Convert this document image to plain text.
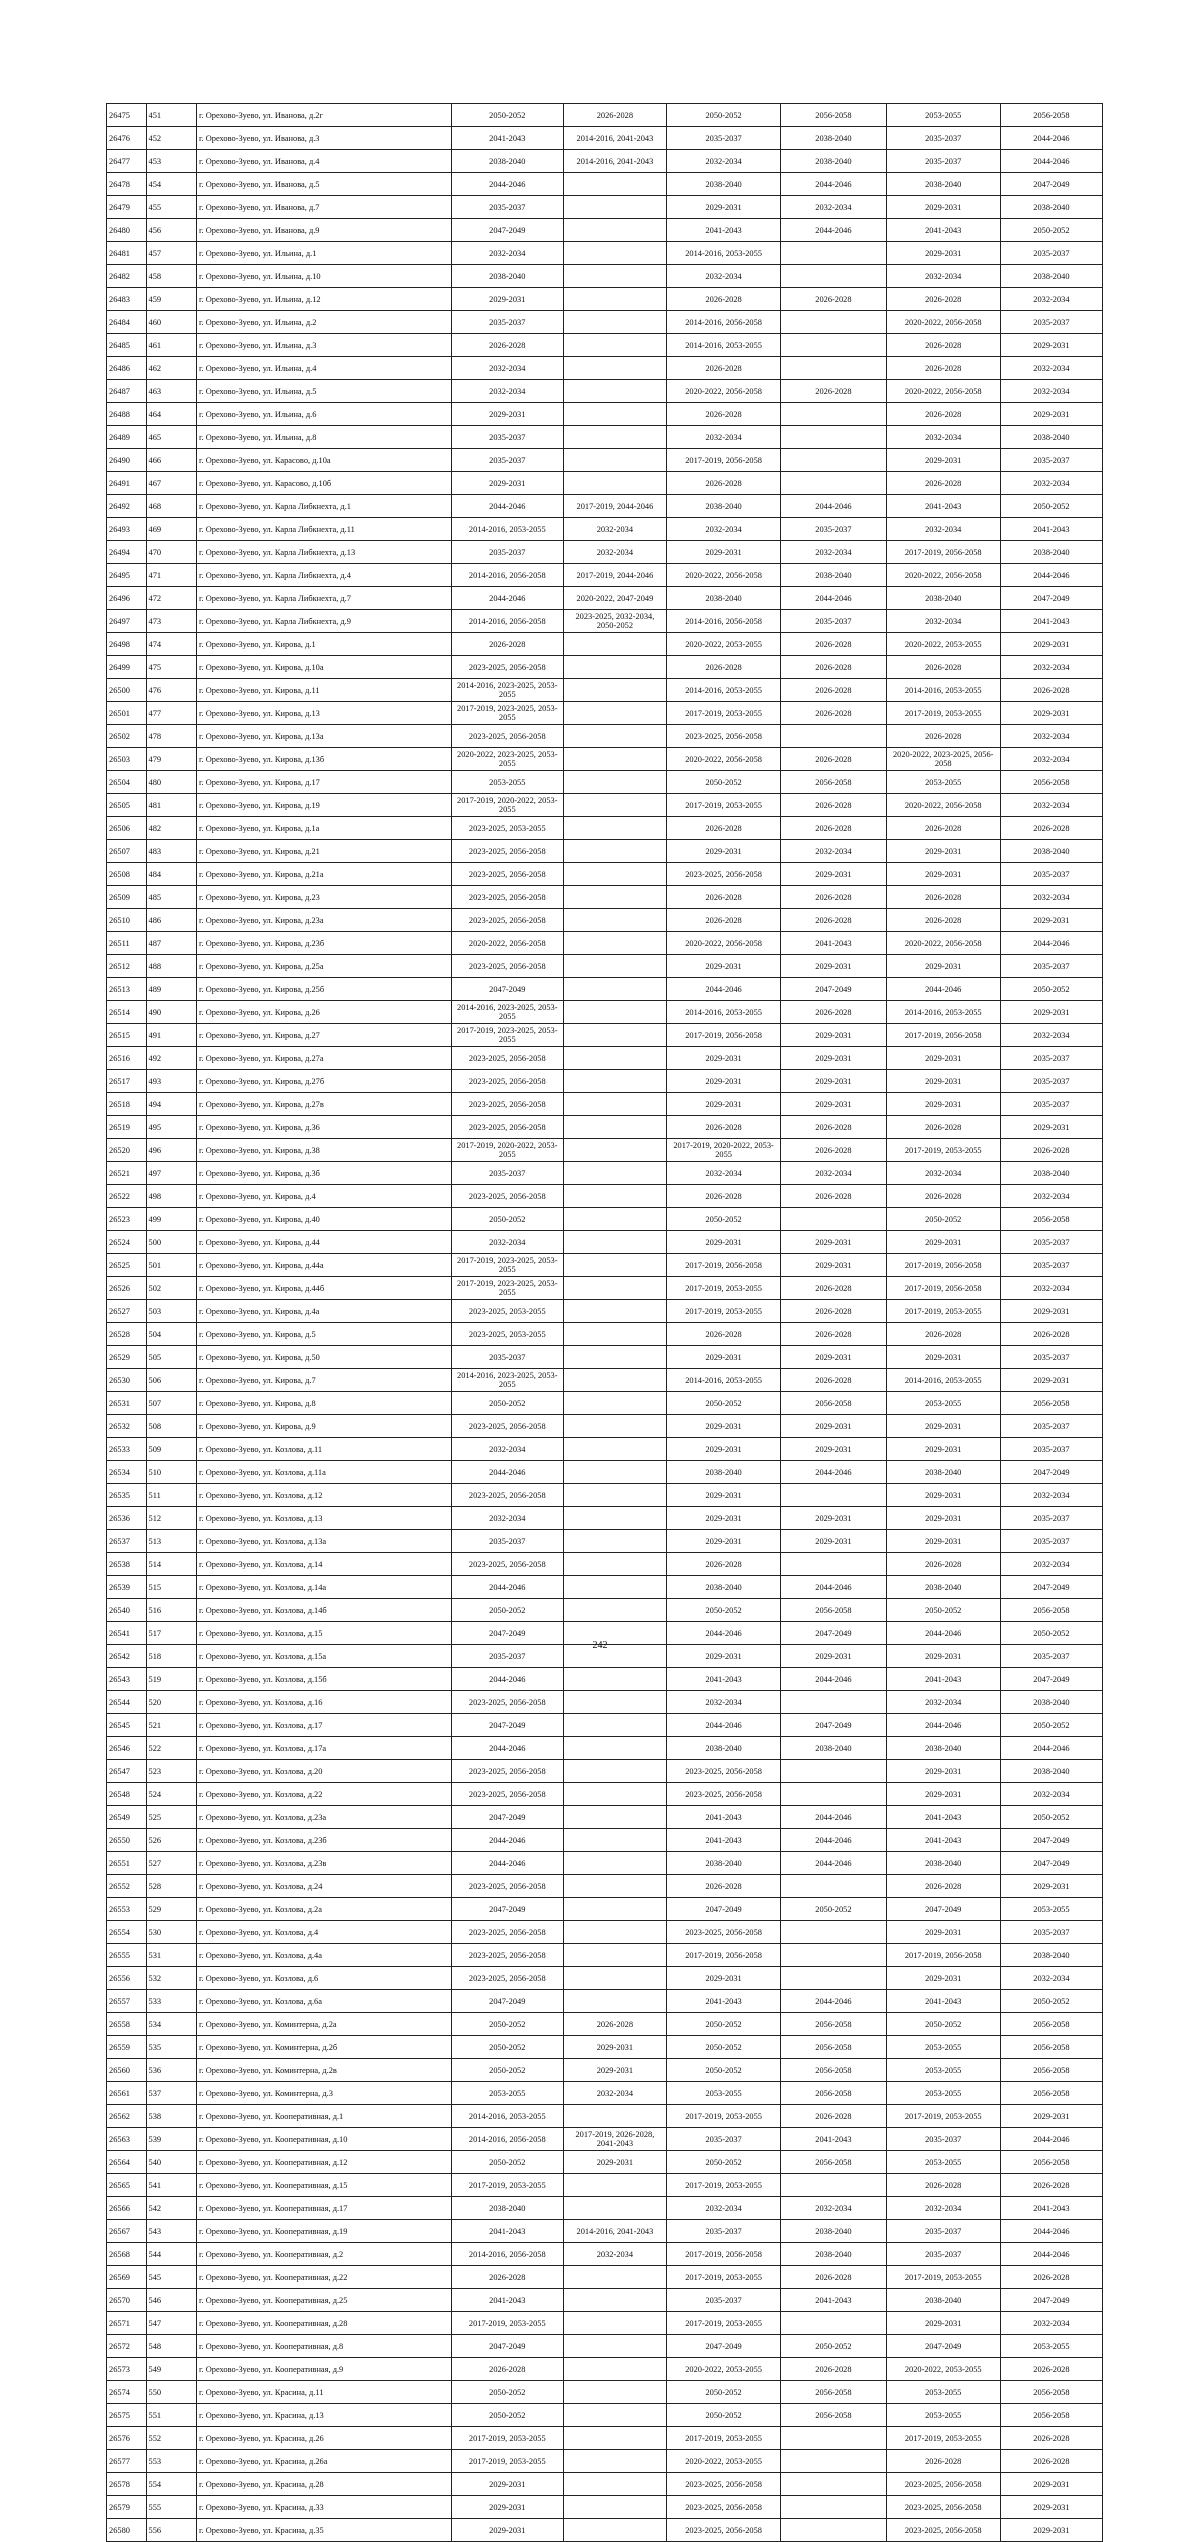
26475	451	г. Орехово-Зуево, ул. Иванова, д.2г	2050-2052	2026-2028	2050-2052	2056-2058	2053-2055	2056-2058
26476	452	г. Орехово-Зуево, ул. Иванова, д.3	2041-2043	2014-2016, 2041-2043	2035-2037	2038-2040	2035-2037	2044-2046
26477	453	г. Орехово-Зуево, ул. Иванова, д.4	2038-2040	2014-2016, 2041-2043	2032-2034	2038-2040	2035-2037	2044-2046
26478	454	г. Орехово-Зуево, ул. Иванова, д.5	2044-2046		2038-2040	2044-2046	2038-2040	2047-2049
26479	455	г. Орехово-Зуево, ул. Иванова, д.7	2035-2037		2029-2031	2032-2034	2029-2031	2038-2040
26480	456	г. Орехово-Зуево, ул. Иванова, д.9	2047-2049		2041-2043	2044-2046	2041-2043	2050-2052
26481	457	г. Орехово-Зуево, ул. Ильина, д.1	2032-2034		2014-2016, 2053-2055		2029-2031	2035-2037
26482	458	г. Орехово-Зуево, ул. Ильина, д.10	2038-2040		2032-2034		2032-2034	2038-2040
26483	459	г. Орехово-Зуево, ул. Ильина, д.12	2029-2031		2026-2028	2026-2028	2026-2028	2032-2034
26484	460	г. Орехово-Зуево, ул. Ильина, д.2	2035-2037		2014-2016, 2056-2058		2020-2022, 2056-2058	2035-2037
26485	461	г. Орехово-Зуево, ул. Ильина, д.3	2026-2028		2014-2016, 2053-2055		2026-2028	2029-2031
26486	462	г. Орехово-Зуево, ул. Ильина, д.4	2032-2034		2026-2028		2026-2028	2032-2034
26487	463	г. Орехово-Зуево, ул. Ильина, д.5	2032-2034		2020-2022, 2056-2058	2026-2028	2020-2022, 2056-2058	2032-2034
26488	464	г. Орехово-Зуево, ул. Ильина, д.6	2029-2031		2026-2028		2026-2028	2029-2031
26489	465	г. Орехово-Зуево, ул. Ильина, д.8	2035-2037		2032-2034		2032-2034	2038-2040
26490	466	г. Орехово-Зуево, ул. Карасово, д.10а	2035-2037		2017-2019, 2056-2058		2029-2031	2035-2037
26491	467	г. Орехово-Зуево, ул. Карасово, д.10б	2029-2031		2026-2028		2026-2028	2032-2034
26492	468	г. Орехово-Зуево, ул. Карла Либкнехта, д.1	2044-2046	2017-2019, 2044-2046	2038-2040	2044-2046	2041-2043	2050-2052
26493	469	г. Орехово-Зуево, ул. Карла Либкнехта, д.11	2014-2016, 2053-2055	2032-2034	2032-2034	2035-2037	2032-2034	2041-2043
26494	470	г. Орехово-Зуево, ул. Карла Либкнехта, д.13	2035-2037	2032-2034	2029-2031	2032-2034	2017-2019, 2056-2058	2038-2040
26495	471	г. Орехово-Зуево, ул. Карла Либкнехта, д.4	2014-2016, 2056-2058	2017-2019, 2044-2046	2020-2022, 2056-2058	2038-2040	2020-2022, 2056-2058	2044-2046
26496	472	г. Орехово-Зуево, ул. Карла Либкнехта, д.7	2044-2046	2020-2022, 2047-2049	2038-2040	2044-2046	2038-2040	2047-2049
26497	473	г. Орехово-Зуево, ул. Карла Либкнехта, д.9	2014-2016, 2056-2058	2023-2025, 2032-2034, 2050-2052	2014-2016, 2056-2058	2035-2037	2032-2034	2041-2043
26498	474	г. Орехово-Зуево, ул. Кирова, д.1	2026-2028		2020-2022, 2053-2055	2026-2028	2020-2022, 2053-2055	2029-2031
26499	475	г. Орехово-Зуево, ул. Кирова, д.10а	2023-2025, 2056-2058		2026-2028	2026-2028	2026-2028	2032-2034
26500	476	г. Орехово-Зуево, ул. Кирова, д.11	2014-2016, 2023-2025, 2053-2055		2014-2016, 2053-2055	2026-2028	2014-2016, 2053-2055	2026-2028
26501	477	г. Орехово-Зуево, ул. Кирова, д.13	2017-2019, 2023-2025, 2053-2055		2017-2019, 2053-2055	2026-2028	2017-2019, 2053-2055	2029-2031
26502	478	г. Орехово-Зуево, ул. Кирова, д.13а	2023-2025, 2056-2058		2023-2025, 2056-2058		2026-2028	2032-2034
26503	479	г. Орехово-Зуево, ул. Кирова, д.13б	2020-2022, 2023-2025, 2053-2055		2020-2022, 2056-2058	2026-2028	2020-2022, 2023-2025, 2056-2058	2032-2034
26504	480	г. Орехово-Зуево, ул. Кирова, д.17	2053-2055		2050-2052	2056-2058	2053-2055	2056-2058
26505	481	г. Орехово-Зуево, ул. Кирова, д.19	2017-2019, 2020-2022, 2053-2055		2017-2019, 2053-2055	2026-2028	2020-2022, 2056-2058	2032-2034
26506	482	г. Орехово-Зуево, ул. Кирова, д.1а	2023-2025, 2053-2055		2026-2028	2026-2028	2026-2028	2026-2028
26507	483	г. Орехово-Зуево, ул. Кирова, д.21	2023-2025, 2056-2058		2029-2031	2032-2034	2029-2031	2038-2040
26508	484	г. Орехово-Зуево, ул. Кирова, д.21а	2023-2025, 2056-2058		2023-2025, 2056-2058	2029-2031	2029-2031	2035-2037
26509	485	г. Орехово-Зуево, ул. Кирова, д.23	2023-2025, 2056-2058		2026-2028	2026-2028	2026-2028	2032-2034
26510	486	г. Орехово-Зуево, ул. Кирова, д.23а	2023-2025, 2056-2058		2026-2028	2026-2028	2026-2028	2029-2031
26511	487	г. Орехово-Зуево, ул. Кирова, д.23б	2020-2022, 2056-2058		2020-2022, 2056-2058	2041-2043	2020-2022, 2056-2058	2044-2046
26512	488	г. Орехово-Зуево, ул. Кирова, д.25а	2023-2025, 2056-2058		2029-2031	2029-2031	2029-2031	2035-2037
26513	489	г. Орехово-Зуево, ул. Кирова, д.25б	2047-2049		2044-2046	2047-2049	2044-2046	2050-2052
26514	490	г. Орехово-Зуево, ул. Кирова, д.26	2014-2016, 2023-2025, 2053-2055		2014-2016, 2053-2055	2026-2028	2014-2016, 2053-2055	2029-2031
26515	491	г. Орехово-Зуево, ул. Кирова, д.27	2017-2019, 2023-2025, 2053-2055		2017-2019, 2056-2058	2029-2031	2017-2019, 2056-2058	2032-2034
26516	492	г. Орехово-Зуево, ул. Кирова, д.27а	2023-2025, 2056-2058		2029-2031	2029-2031	2029-2031	2035-2037
26517	493	г. Орехово-Зуево, ул. Кирова, д.27б	2023-2025, 2056-2058		2029-2031	2029-2031	2029-2031	2035-2037
26518	494	г. Орехово-Зуево, ул. Кирова, д.27в	2023-2025, 2056-2058		2029-2031	2029-2031	2029-2031	2035-2037
26519	495	г. Орехово-Зуево, ул. Кирова, д.36	2023-2025, 2056-2058		2026-2028	2026-2028	2026-2028	2029-2031
26520	496	г. Орехово-Зуево, ул. Кирова, д.38	2017-2019, 2020-2022, 2053-2055		2017-2019, 2020-2022, 2053-2055	2026-2028	2017-2019, 2053-2055	2026-2028
26521	497	г. Орехово-Зуево, ул. Кирова, д.3б	2035-2037		2032-2034	2032-2034	2032-2034	2038-2040
26522	498	г. Орехово-Зуево, ул. Кирова, д.4	2023-2025, 2056-2058		2026-2028	2026-2028	2026-2028	2032-2034
26523	499	г. Орехово-Зуево, ул. Кирова, д.40	2050-2052		2050-2052		2050-2052	2056-2058
26524	500	г. Орехово-Зуево, ул. Кирова, д.44	2032-2034		2029-2031	2029-2031	2029-2031	2035-2037
26525	501	г. Орехово-Зуево, ул. Кирова, д.44а	2017-2019, 2023-2025, 2053-2055		2017-2019, 2056-2058	2029-2031	2017-2019, 2056-2058	2035-2037
26526	502	г. Орехово-Зуево, ул. Кирова, д.44б	2017-2019, 2023-2025, 2053-2055		2017-2019, 2053-2055	2026-2028	2017-2019, 2056-2058	2032-2034
26527	503	г. Орехово-Зуево, ул. Кирова, д.4а	2023-2025, 2053-2055		2017-2019, 2053-2055	2026-2028	2017-2019, 2053-2055	2029-2031
26528	504	г. Орехово-Зуево, ул. Кирова, д.5	2023-2025, 2053-2055		2026-2028	2026-2028	2026-2028	2026-2028
26529	505	г. Орехово-Зуево, ул. Кирова, д.50	2035-2037		2029-2031	2029-2031	2029-2031	2035-2037
26530	506	г. Орехово-Зуево, ул. Кирова, д.7	2014-2016, 2023-2025, 2053-2055		2014-2016, 2053-2055	2026-2028	2014-2016, 2053-2055	2029-2031
26531	507	г. Орехово-Зуево, ул. Кирова, д.8	2050-2052		2050-2052	2056-2058	2053-2055	2056-2058
26532	508	г. Орехово-Зуево, ул. Кирова, д.9	2023-2025, 2056-2058		2029-2031	2029-2031	2029-2031	2035-2037
26533	509	г. Орехово-Зуево, ул. Козлова, д.11	2032-2034		2029-2031	2029-2031	2029-2031	2035-2037
26534	510	г. Орехово-Зуево, ул. Козлова, д.11а	2044-2046		2038-2040	2044-2046	2038-2040	2047-2049
26535	511	г. Орехово-Зуево, ул. Козлова, д.12	2023-2025, 2056-2058		2029-2031		2029-2031	2032-2034
26536	512	г. Орехово-Зуево, ул. Козлова, д.13	2032-2034		2029-2031	2029-2031	2029-2031	2035-2037
26537	513	г. Орехово-Зуево, ул. Козлова, д.13а	2035-2037		2029-2031	2029-2031	2029-2031	2035-2037
26538	514	г. Орехово-Зуево, ул. Козлова, д.14	2023-2025, 2056-2058		2026-2028		2026-2028	2032-2034
26539	515	г. Орехово-Зуево, ул. Козлова, д.14а	2044-2046		2038-2040	2044-2046	2038-2040	2047-2049
26540	516	г. Орехово-Зуево, ул. Козлова, д.14б	2050-2052		2050-2052	2056-2058	2050-2052	2056-2058
26541	517	г. Орехово-Зуево, ул. Козлова, д.15	2047-2049		2044-2046	2047-2049	2044-2046	2050-2052
26542	518	г. Орехово-Зуево, ул. Козлова, д.15а	2035-2037		2029-2031	2029-2031	2029-2031	2035-2037
26543	519	г. Орехово-Зуево, ул. Козлова, д.15б	2044-2046		2041-2043	2044-2046	2041-2043	2047-2049
26544	520	г. Орехово-Зуево, ул. Козлова, д.16	2023-2025, 2056-2058		2032-2034		2032-2034	2038-2040
26545	521	г. Орехово-Зуево, ул. Козлова, д.17	2047-2049		2044-2046	2047-2049	2044-2046	2050-2052
26546	522	г. Орехово-Зуево, ул. Козлова, д.17а	2044-2046		2038-2040	2038-2040	2038-2040	2044-2046
26547	523	г. Орехово-Зуево, ул. Козлова, д.20	2023-2025, 2056-2058		2023-2025, 2056-2058		2029-2031	2038-2040
26548	524	г. Орехово-Зуево, ул. Козлова, д.22	2023-2025, 2056-2058		2023-2025, 2056-2058		2029-2031	2032-2034
26549	525	г. Орехово-Зуево, ул. Козлова, д.23а	2047-2049		2041-2043	2044-2046	2041-2043	2050-2052
26550	526	г. Орехово-Зуево, ул. Козлова, д.23б	2044-2046		2041-2043	2044-2046	2041-2043	2047-2049
26551	527	г. Орехово-Зуево, ул. Козлова, д.23в	2044-2046		2038-2040	2044-2046	2038-2040	2047-2049
26552	528	г. Орехово-Зуево, ул. Козлова, д.24	2023-2025, 2056-2058		2026-2028		2026-2028	2029-2031
26553	529	г. Орехово-Зуево, ул. Козлова, д.2а	2047-2049		2047-2049	2050-2052	2047-2049	2053-2055
26554	530	г. Орехово-Зуево, ул. Козлова, д.4	2023-2025, 2056-2058		2023-2025, 2056-2058		2029-2031	2035-2037
26555	531	г. Орехово-Зуево, ул. Козлова, д.4а	2023-2025, 2056-2058		2017-2019, 2056-2058		2017-2019, 2056-2058	2038-2040
26556	532	г. Орехово-Зуево, ул. Козлова, д.6	2023-2025, 2056-2058		2029-2031		2029-2031	2032-2034
26557	533	г. Орехово-Зуево, ул. Козлова, д.6а	2047-2049		2041-2043	2044-2046	2041-2043	2050-2052
26558	534	г. Орехово-Зуево, ул. Коминтерна, д.2а	2050-2052	2026-2028	2050-2052	2056-2058	2050-2052	2056-2058
26559	535	г. Орехово-Зуево, ул. Коминтерна, д.2б	2050-2052	2029-2031	2050-2052	2056-2058	2053-2055	2056-2058
26560	536	г. Орехово-Зуево, ул. Коминтерна, д.2в	2050-2052	2029-2031	2050-2052	2056-2058	2053-2055	2056-2058
26561	537	г. Орехово-Зуево, ул. Коминтерна, д.3	2053-2055	2032-2034	2053-2055	2056-2058	2053-2055	2056-2058
26562	538	г. Орехово-Зуево, ул. Кооперативная, д.1	2014-2016, 2053-2055		2017-2019, 2053-2055	2026-2028	2017-2019, 2053-2055	2029-2031
26563	539	г. Орехово-Зуево, ул. Кооперативная, д.10	2014-2016, 2056-2058	2017-2019, 2026-2028, 2041-2043	2035-2037	2041-2043	2035-2037	2044-2046
26564	540	г. Орехово-Зуево, ул. Кооперативная, д.12	2050-2052	2029-2031	2050-2052	2056-2058	2053-2055	2056-2058
26565	541	г. Орехово-Зуево, ул. Кооперативная, д.15	2017-2019, 2053-2055		2017-2019, 2053-2055		2026-2028	2026-2028
26566	542	г. Орехово-Зуево, ул. Кооперативная, д.17	2038-2040		2032-2034	2032-2034	2032-2034	2041-2043
26567	543	г. Орехово-Зуево, ул. Кооперативная, д.19	2041-2043	2014-2016, 2041-2043	2035-2037	2038-2040	2035-2037	2044-2046
26568	544	г. Орехово-Зуево, ул. Кооперативная, д.2	2014-2016, 2056-2058	2032-2034	2017-2019, 2056-2058	2038-2040	2035-2037	2044-2046
26569	545	г. Орехово-Зуево, ул. Кооперативная, д.22	2026-2028		2017-2019, 2053-2055	2026-2028	2017-2019, 2053-2055	2026-2028
26570	546	г. Орехово-Зуево, ул. Кооперативная, д.25	2041-2043		2035-2037	2041-2043	2038-2040	2047-2049
26571	547	г. Орехово-Зуево, ул. Кооперативная, д.28	2017-2019, 2053-2055		2017-2019, 2053-2055		2029-2031	2032-2034
26572	548	г. Орехово-Зуево, ул. Кооперативная, д.8	2047-2049		2047-2049	2050-2052	2047-2049	2053-2055
26573	549	г. Орехово-Зуево, ул. Кооперативная, д.9	2026-2028		2020-2022, 2053-2055	2026-2028	2020-2022, 2053-2055	2026-2028
26574	550	г. Орехово-Зуево, ул. Красина, д.11	2050-2052		2050-2052	2056-2058	2053-2055	2056-2058
26575	551	г. Орехово-Зуево, ул. Красина, д.13	2050-2052		2050-2052	2056-2058	2053-2055	2056-2058
26576	552	г. Орехово-Зуево, ул. Красина, д.26	2017-2019, 2053-2055		2017-2019, 2053-2055		2017-2019, 2053-2055	2026-2028
26577	553	г. Орехово-Зуево, ул. Красина, д.26а	2017-2019, 2053-2055		2020-2022, 2053-2055		2026-2028	2026-2028
26578	554	г. Орехово-Зуево, ул. Красина, д.28	2029-2031		2023-2025, 2056-2058		2023-2025, 2056-2058	2029-2031
26579	555	г. Орехово-Зуево, ул. Красина, д.33	2029-2031		2023-2025, 2056-2058		2023-2025, 2056-2058	2029-2031
26580	556	г. Орехово-Зуево, ул. Красина, д.35	2029-2031		2023-2025, 2056-2058		2023-2025, 2056-2058	2029-2031
242
